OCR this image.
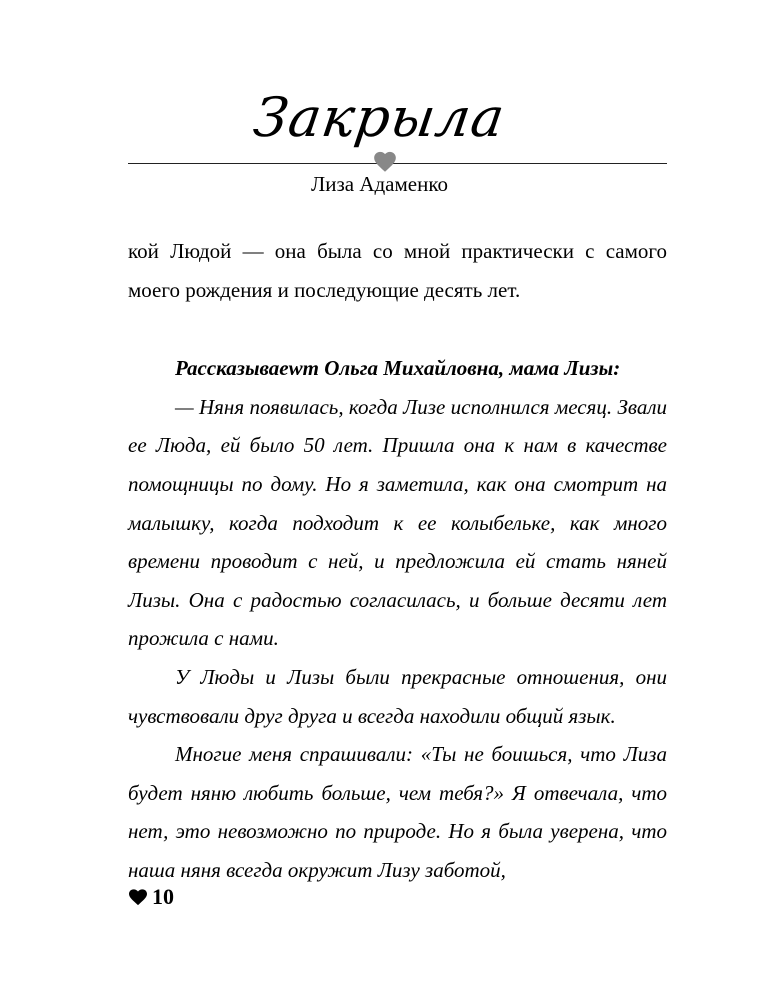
Закрыла
Лиза Адаменко

кой Людой — она была со мной практически с самого моего рождения и последующие десять лет.

Рассказываеwт Ольга Михайловна, мама Лизы:

— Няня появилась, когда Лизе исполнился месяц. Звали ее Люда, ей было 50 лет. Пришла она к нам в качестве помощницы по дому. Но я заметила, как она смотрит на малышку, когда подходит к ее колыбельке, как много времени проводит с ней, и предложила ей стать няней Лизы. Она с радостью согласилась, и больше десяти лет прожила с нами.

У Люды и Лизы были прекрасные отношения, они чувствовали друг друга и всегда находили общий язык.

Многие меня спрашивали: «Ты не боишься, что Лиза будет няню любить больше, чем тебя?» Я отвечала, что нет, это невозможно по природе. Но я была уверена, что наша няня всегда окружит Лизу заботой,

10
